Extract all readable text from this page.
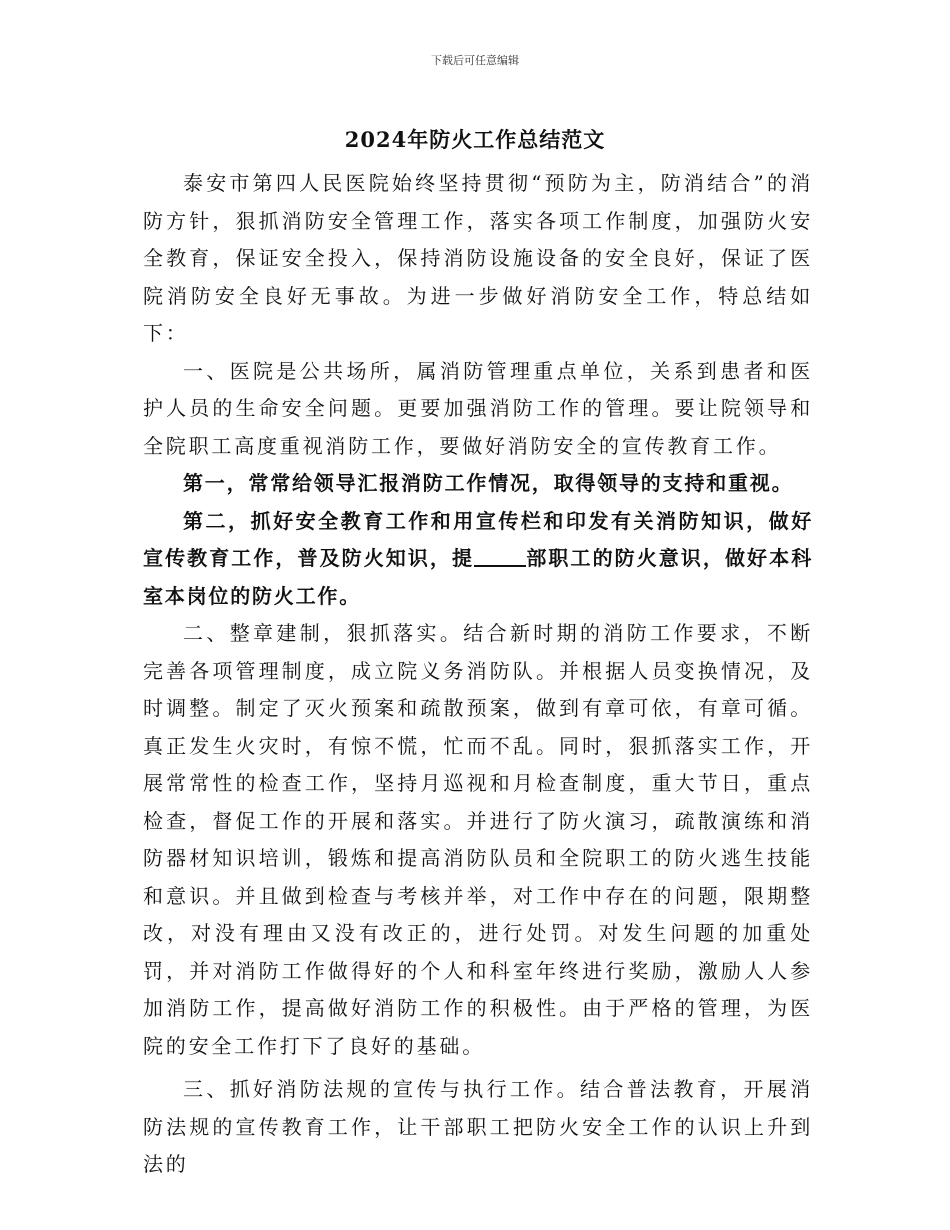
下载后可任意编辑
2024年防火工作总结范文

泰安市第四人民医院始终坚持贯彻“预防为主，防消结合”的消防方针，狠抓消防安全管理工作，落实各项工作制度，加强防火安全教育，保证安全投入，保持消防设施设备的安全良好，保证了医院消防安全良好无事故。为进一步做好消防安全工作，特总结如下：

一、医院是公共场所，属消防管理重点单位，关系到患者和医护人员的生命安全问题。更要加强消防工作的管理。要让院领导和全院职工高度重视消防工作，要做好消防安全的宣传教育工作。

第一，常常给领导汇报消防工作情况，取得领导的支持和重视。

第二，抓好安全教育工作和用宣传栏和印发有关消防知识，做好宣传教育工作，普及防火知识，提	部职工的防火意识，做好本科室本岗位的防火工作。

二、整章建制，狠抓落实。结合新时期的消防工作要求，不断完善各项管理制度，成立院义务消防队。并根据人员变换情况，及时调整。制定了灭火预案和疏散预案，做到有章可依，有章可循。真正发生火灾时，有惊不慌，忙而不乱。同时，狠抓落实工作，开展常常性的检查工作，坚持月巡视和月检查制度，重大节日，重点检查，督促工作的开展和落实。并进行了防火演习，疏散演练和消防器材知识培训，锻炼和提高消防队员和全院职工的防火逃生技能和意识。并且做到检查与考核并举，对工作中存在的问题，限期整改，对没有理由又没有改正的，进行处罚。对发生问题的加重处罚，并对消防工作做得好的个人和科室年终进行奖励，激励人人参加消防工作，提高做好消防工作的积极性。由于严格的管理，为医院的安全工作打下了良好的基础。

三、抓好消防法规的宣传与执行工作。结合普法教育，开展消防法规的宣传教育工作，让干部职工把防火安全工作的认识上升到法的
